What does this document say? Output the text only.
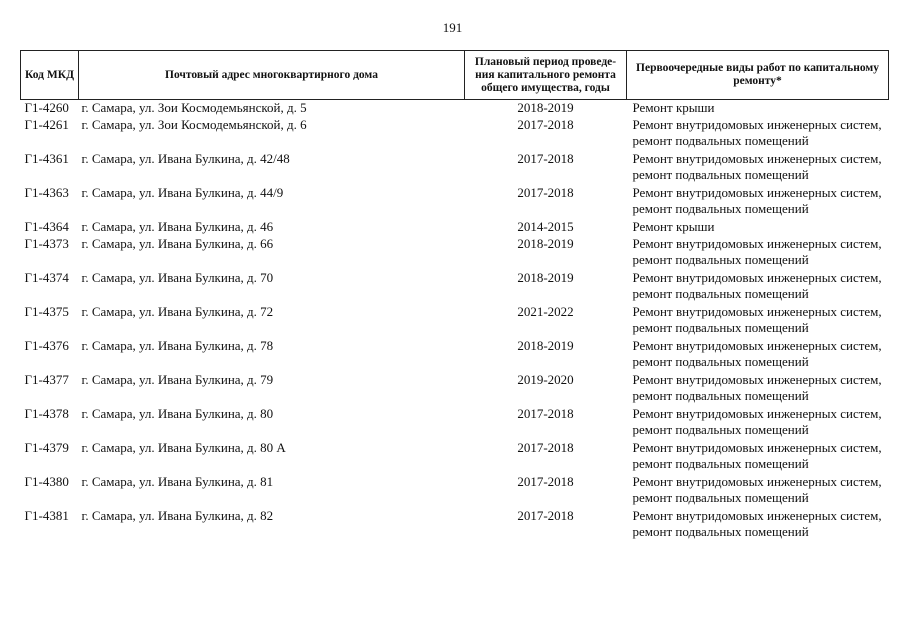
191
Код МКД	Почтовый адрес многоквартирного дома	Плановый период проведе-ния капитального ремонта общего имущества, годы	Первоочередные виды работ по капитальному ремонту*
Г1-4260	г. Самара, ул. Зои Космодемьянской, д. 5	2018-2019	Ремонт крыши

Г1-4261	г. Самара, ул. Зои Космодемьянской, д. 6	2017-2018	Ремонт внутридомовых инженерных систем,
ремонт подвальных помещений

Г1-4361	г. Самара, ул. Ивана Булкина, д. 42/48	2017-2018	Ремонт внутридомовых инженерных систем,
ремонт подвальных помещений

Г1-4363	г. Самара, ул. Ивана Булкина, д. 44/9	2017-2018	Ремонт внутридомовых инженерных систем,
ремонт подвальных помещений

Г1-4364	г. Самара, ул. Ивана Булкина, д. 46	2014-2015	Ремонт крыши

Г1-4373	г. Самара, ул. Ивана Булкина, д. 66	2018-2019	Ремонт внутридомовых инженерных систем,
ремонт подвальных помещений

Г1-4374	г. Самара, ул. Ивана Булкина, д. 70	2018-2019	Ремонт внутридомовых инженерных систем,
ремонт подвальных помещений

Г1-4375	г. Самара, ул. Ивана Булкина, д. 72	2021-2022	Ремонт внутридомовых инженерных систем,
ремонт подвальных помещений

Г1-4376	г. Самара, ул. Ивана Булкина, д. 78	2018-2019	Ремонт внутридомовых инженерных систем,
ремонт подвальных помещений

Г1-4377	г. Самара, ул. Ивана Булкина, д. 79	2019-2020	Ремонт внутридомовых инженерных систем,
ремонт подвальных помещений

Г1-4378	г. Самара, ул. Ивана Булкина, д. 80	2017-2018	Ремонт внутридомовых инженерных систем,
ремонт подвальных помещений

Г1-4379	г. Самара, ул. Ивана Булкина, д. 80 А	2017-2018	Ремонт внутридомовых инженерных систем,
ремонт подвальных помещений

Г1-4380	г. Самара, ул. Ивана Булкина, д. 81	2017-2018	Ремонт внутридомовых инженерных систем,
ремонт подвальных помещений

Г1-4381	г. Самара, ул. Ивана Булкина, д. 82	2017-2018	Ремонт внутридомовых инженерных систем,
ремонт подвальных помещений
